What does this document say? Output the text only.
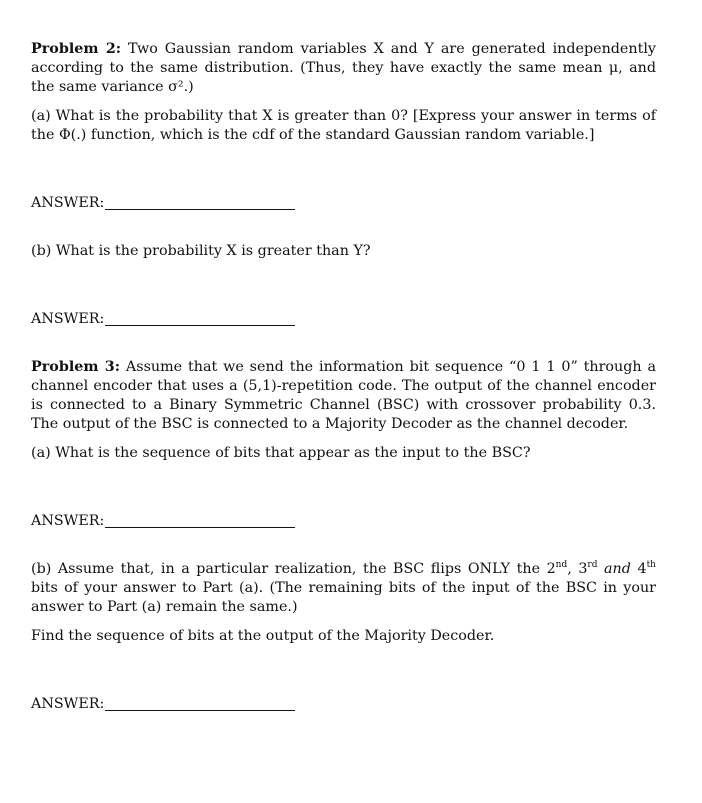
Problem 2: Two Gaussian random variables X and Y are generated independently according to the same distribution. (Thus, they have exactly the same mean μ, and the same variance σ².)

(a) What is the probability that X is greater than 0? [Express your answer in terms of the Φ(.) function, which is the cdf of the standard Gaussian random variable.]

ANSWER:

(b) What is the probability X is greater than Y?

ANSWER:

Problem 3: Assume that we send the information bit sequence “0 1 1 0” through a channel encoder that uses a (5,1)-repetition code. The output of the channel encoder is connected to a Binary Symmetric Channel (BSC) with crossover probability 0.3. The output of the BSC is connected to a Majority Decoder as the channel decoder.

(a) What is the sequence of bits that appear as the input to the BSC?

ANSWER:

(b) Assume that, in a particular realization, the BSC flips ONLY the 2nd, 3rd and 4th bits of your answer to Part (a). (The remaining bits of the input of the BSC in your answer to Part (a) remain the same.)

Find the sequence of bits at the output of the Majority Decoder.

ANSWER:
